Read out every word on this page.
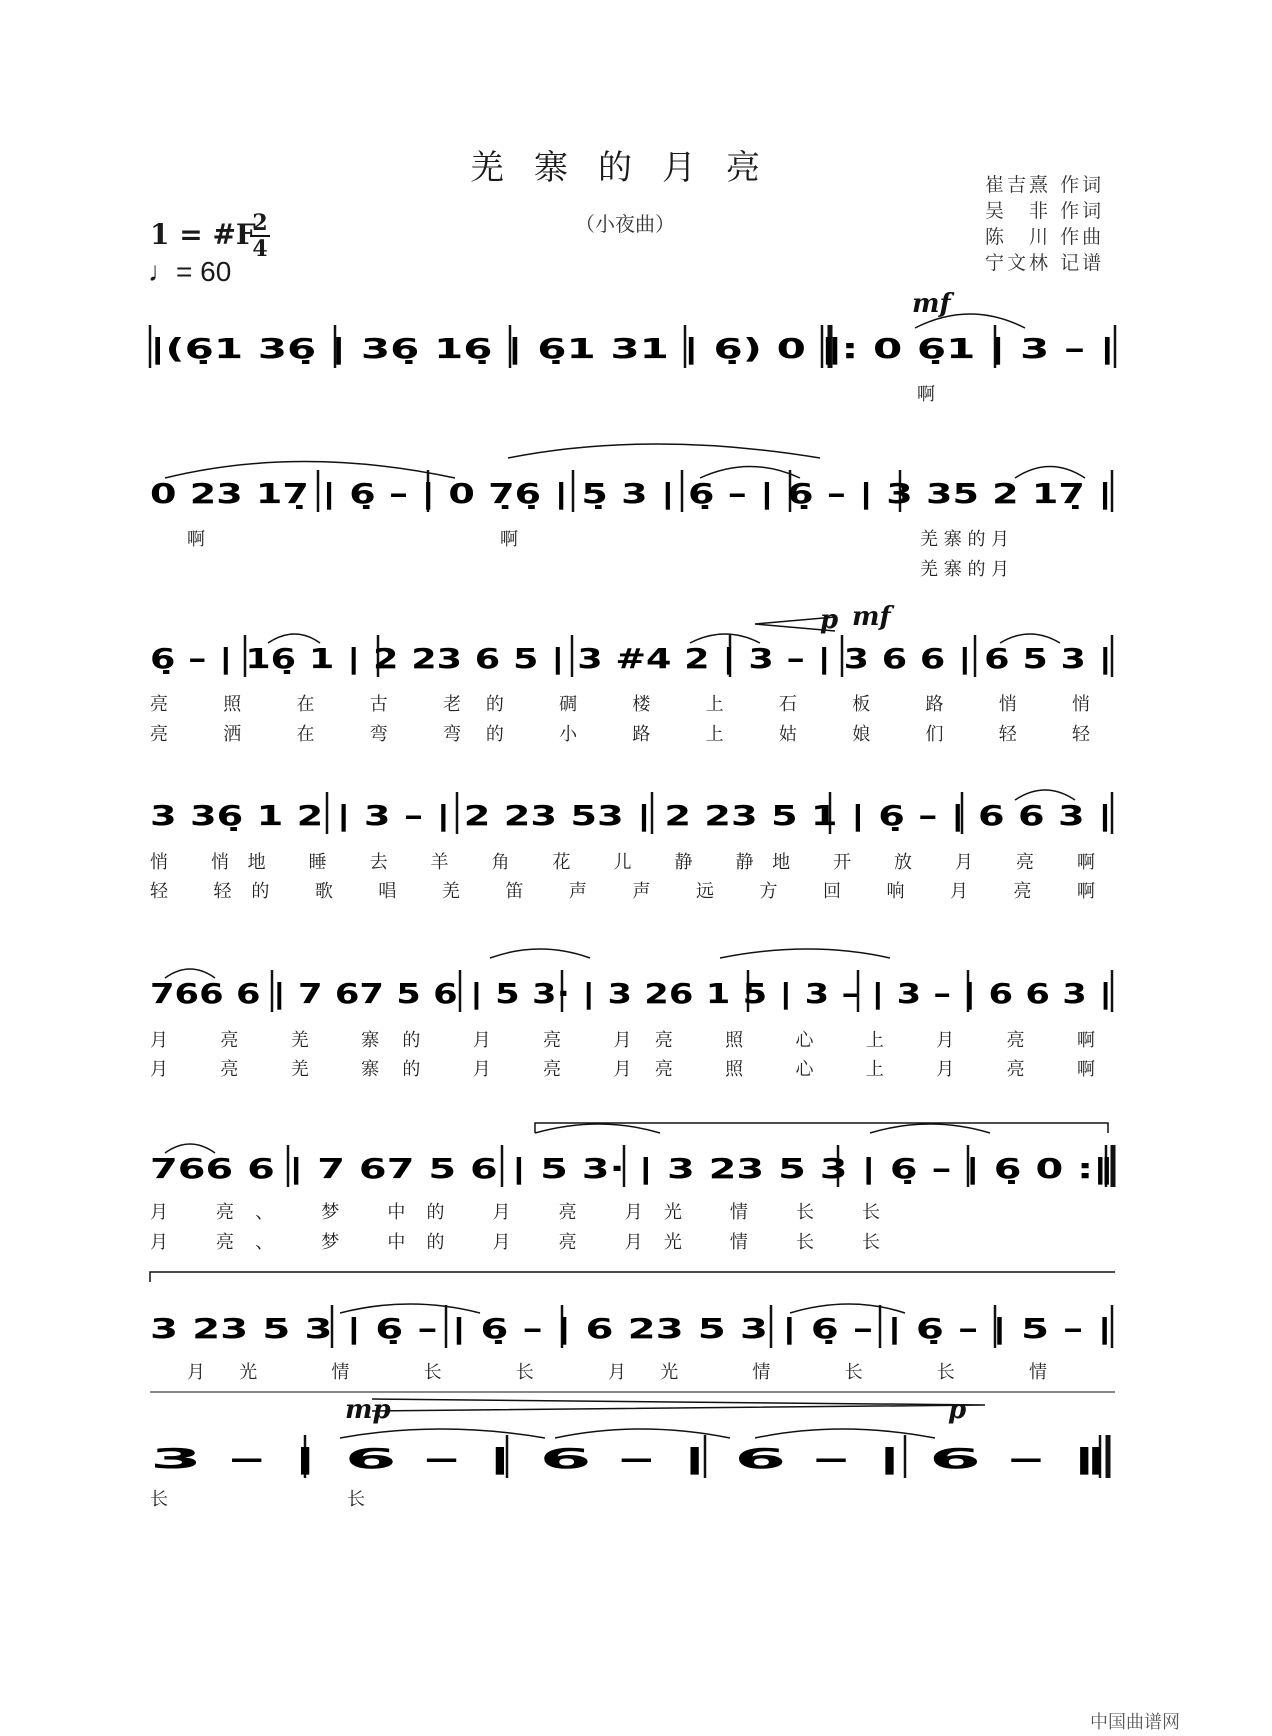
羌寨的月亮
（小夜曲）
崔吉熹 作词
吴　非 作词
陈　川 作曲
宁文林 记谱
1 = #F
2
4
♩= 60
mf
p mf
mp	p
|(6̣1 36̣ | 36̣ 16̣ | 6̣1 31 | 6̣) 0 ‖: 0 6̣1 | 3 – |
啊
0 23 17̣ | 6̣ – | 0 7̣6̣ | 5̣ 3 | 6̣ – | 6̣ – | 3 35 2 17̣ |
啊	啊	羌 寨 的 月
羌 寨 的 月
6̣ – | 16̣ 1 | 2 23 6 5 | 3 #4 2 | 3 – | 3 6 6 | 6 5 3 |
亮 照 在 古 老的 碉 楼 上 石 板 路 悄 悄
亮 洒 在 弯 弯的 小 路 上 姑 娘 们 轻 轻
3 36̣ 1 2 | 3 – | 2 23 53 | 2 23 5 1 | 6̣ – | 6 6 3 |
悄 悄地 睡 去 羊 角 花 儿 静 静地 开 放 月 亮 啊
轻 轻的 歌 唱 羌 笛 声 声 远 方 回 响 月 亮 啊
766 6 | 7 67 5 6 | 5 3· | 3 26 1 5 | 3 – | 3 – | 6 6 3 |
月 亮 羌 寨的 月 亮 月亮 照 心 上 月 亮 啊
月 亮 羌 寨的 月 亮 月亮 照 心 上 月 亮 啊
766 6 | 7 67 5 6 | 5 3· | 3 23 5 3 | 6̣ – | 6̣ 0 :‖
月 亮、 梦 中的 月 亮 月光 情 长 长
月 亮、 梦 中的 月 亮 月光 情 长 长
3 23 5 3 | 6̣ – | 6̣ – | 6 23 5 3 | 6̣ – | 6̣ – | 5 – |
月光 情 长 长 月光 情 长 长 情
3 – | 6 – | 6 – | 6 – | 6 – ‖
长 长
中国曲谱网
